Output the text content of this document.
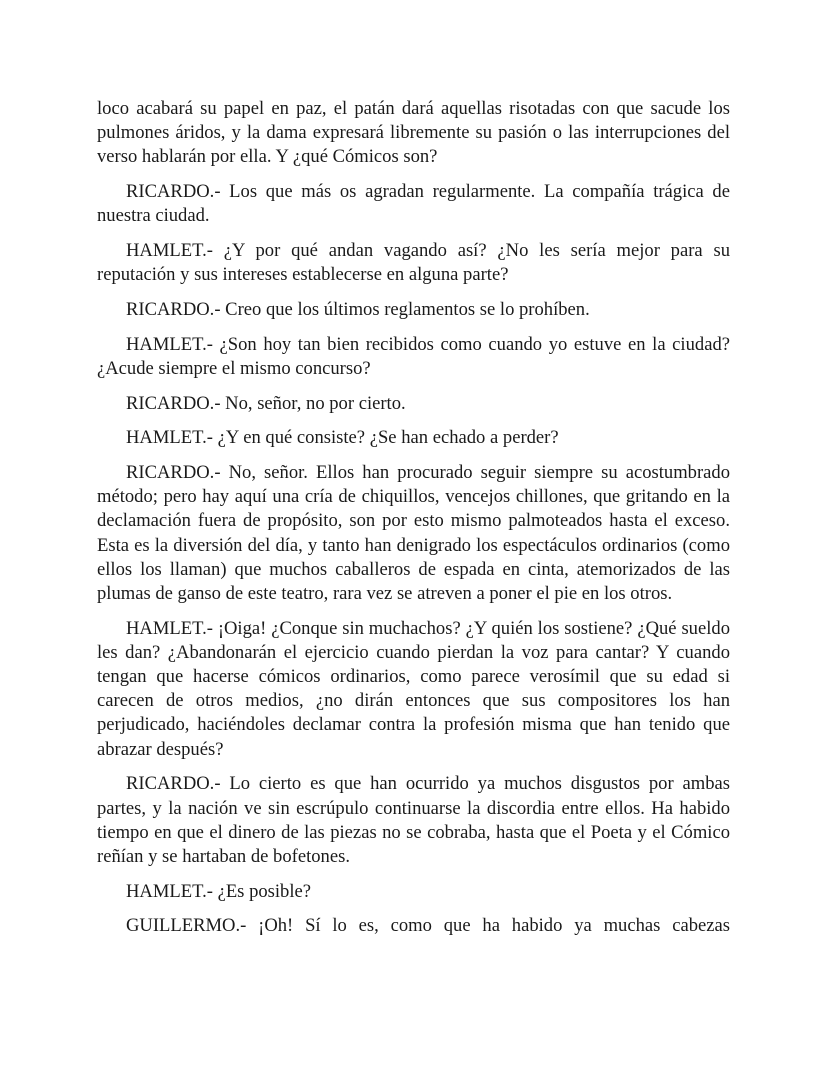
loco acabará su papel en paz, el patán dará aquellas risotadas con que sacude los pulmones áridos, y la dama expresará libremente su pasión o las interrupciones del verso hablarán por ella. Y ¿qué Cómicos son?

RICARDO.- Los que más os agradan regularmente. La compañía trágica de nuestra ciudad.

HAMLET.- ¿Y por qué andan vagando así? ¿No les sería mejor para su reputación y sus intereses establecerse en alguna parte?

RICARDO.- Creo que los últimos reglamentos se lo prohíben.

HAMLET.- ¿Son hoy tan bien recibidos como cuando yo estuve en la ciudad? ¿Acude siempre el mismo concurso?

RICARDO.- No, señor, no por cierto.

HAMLET.- ¿Y en qué consiste? ¿Se han echado a perder?

RICARDO.- No, señor. Ellos han procurado seguir siempre su acostumbrado método; pero hay aquí una cría de chiquillos, vencejos chillones, que gritando en la declamación fuera de propósito, son por esto mismo palmoteados hasta el exceso. Esta es la diversión del día, y tanto han denigrado los espectáculos ordinarios (como ellos los llaman) que muchos caballeros de espada en cinta, atemorizados de las plumas de ganso de este teatro, rara vez se atreven a poner el pie en los otros.

HAMLET.- ¡Oiga! ¿Conque sin muchachos? ¿Y quién los sostiene? ¿Qué sueldo les dan? ¿Abandonarán el ejercicio cuando pierdan la voz para cantar? Y cuando tengan que hacerse cómicos ordinarios, como parece verosímil que su edad si carecen de otros medios, ¿no dirán entonces que sus compositores los han perjudicado, haciéndoles declamar contra la profesión misma que han tenido que abrazar después?

RICARDO.- Lo cierto es que han ocurrido ya muchos disgustos por ambas partes, y la nación ve sin escrúpulo continuarse la discordia entre ellos. Ha habido tiempo en que el dinero de las piezas no se cobraba, hasta que el Poeta y el Cómico reñían y se hartaban de bofetones.

HAMLET.- ¿Es posible?

GUILLERMO.- ¡Oh! Sí lo es, como que ha habido ya muchas cabezas
